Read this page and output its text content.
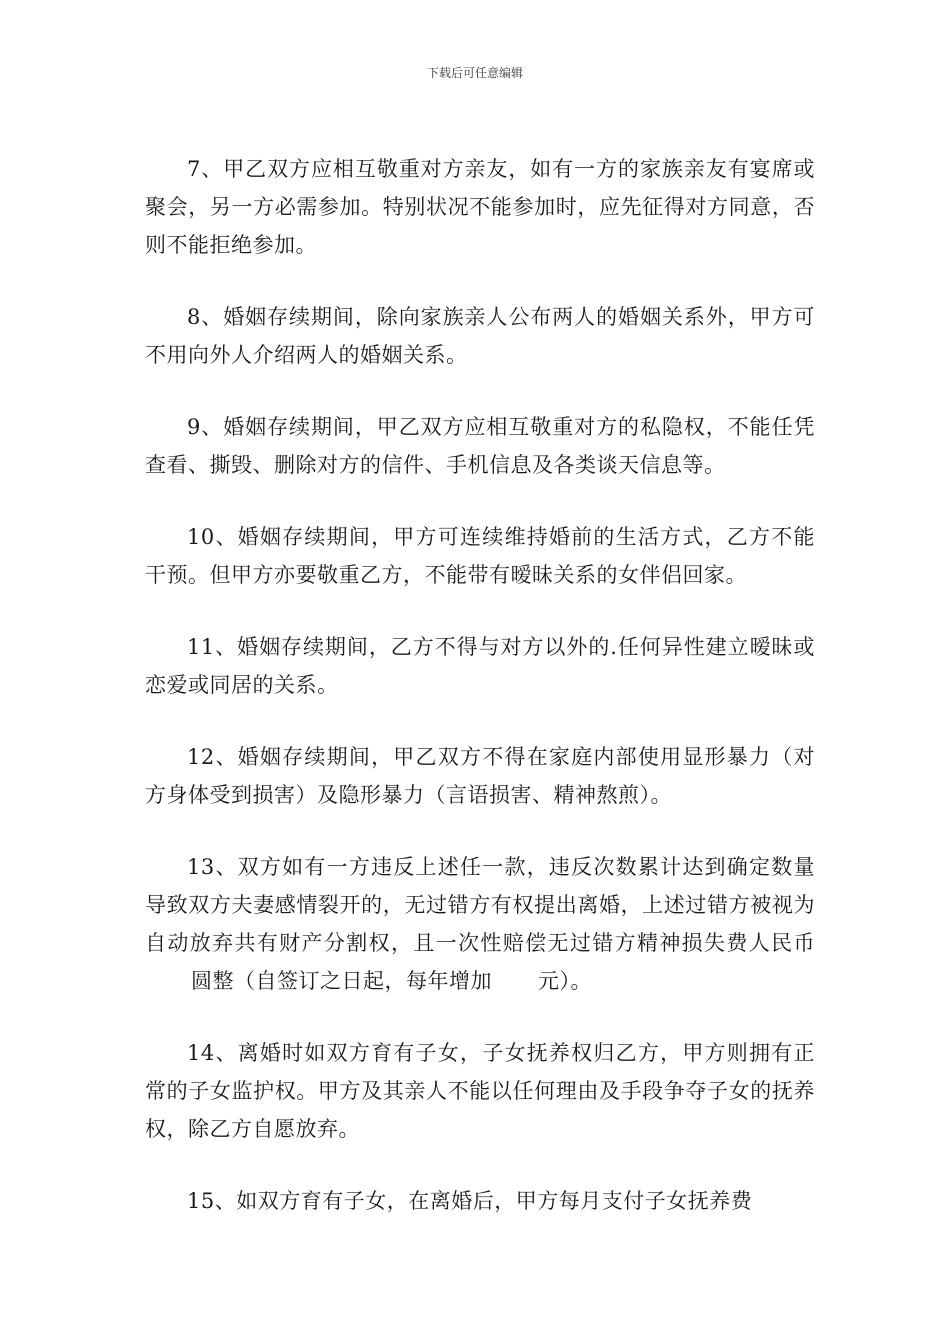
下载后可任意编辑

7、甲乙双方应相互敬重对方亲友，如有一方的家族亲友有宴席或聚会，另一方必需参加。特别状况不能参加时，应先征得对方同意，否则不能拒绝参加。

8、婚姻存续期间，除向家族亲人公布两人的婚姻关系外，甲方可不用向外人介绍两人的婚姻关系。

9、婚姻存续期间，甲乙双方应相互敬重对方的私隐权，不能任凭查看、撕毁、删除对方的信件、手机信息及各类谈天信息等。

10、婚姻存续期间，甲方可连续维持婚前的生活方式，乙方不能干预。但甲方亦要敬重乙方，不能带有暧昧关系的女伴侣回家。

11、婚姻存续期间，乙方不得与对方以外的.任何异性建立暧昧或恋爱或同居的关系。

12、婚姻存续期间，甲乙双方不得在家庭内部使用显形暴力（对方身体受到损害）及隐形暴力（言语损害、精神熬煎）。

13、双方如有一方违反上述任一款，违反次数累计达到确定数量导致双方夫妻感情裂开的，无过错方有权提出离婚，上述过错方被视为自动放弃共有财产分割权，且一次性赔偿无过错方精神损失费人民币圆整（自签订之日起，每年增加 元）。

14、离婚时如双方育有子女，子女抚养权归乙方，甲方则拥有正常的子女监护权。甲方及其亲人不能以任何理由及手段争夺子女的抚养权，除乙方自愿放弃。

15、如双方育有子女，在离婚后，甲方每月支付子女抚养费
